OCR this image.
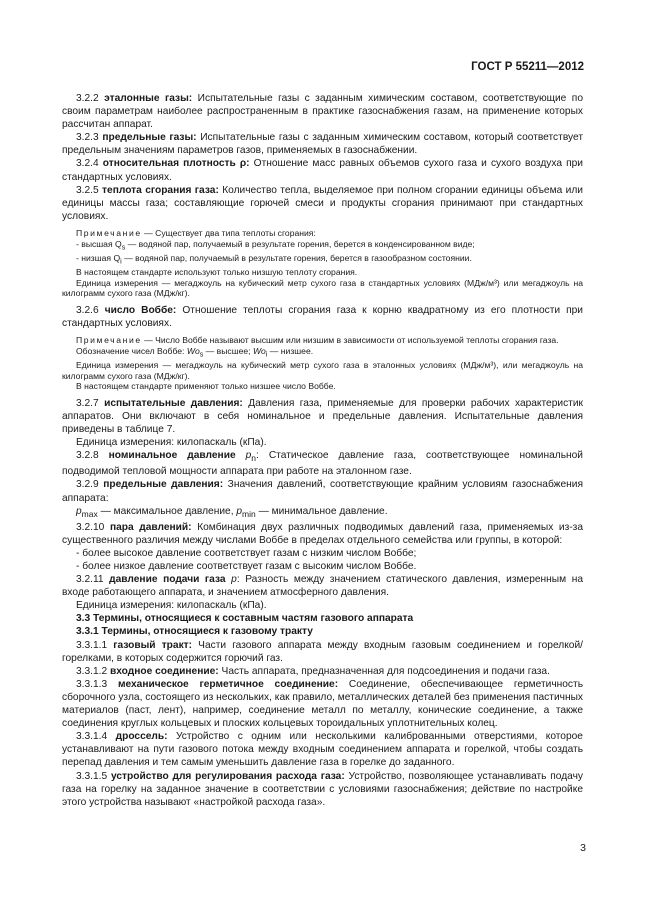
ГОСТ Р 55211—2012

3.2.2 эталонные газы: Испытательные газы с заданным химическим составом, соответствующие по своим параметрам наиболее распространенным в практике газоснабжения газам, на применение которых рассчитан аппарат.

3.2.3 предельные газы: Испытательные газы с заданным химическим составом, который соответствует предельным значениям параметров газов, применяемых в газоснабжении.

3.2.4 относительная плотность ρ: Отношение масс равных объемов сухого газа и сухого воздуха при стандартных условиях.

3.2.5 теплота сгорания газа: Количество тепла, выделяемое при полном сгорании единицы объема или единицы массы газа; составляющие горючей смеси и продукты сгорания принимают при стандартных условиях.

Примечание — Существует два типа теплоты сгорания:

- высшая $Q_s$ — водяной пар, получаемый в результате горения, берется в конденсированном виде;

- низшая $Q_i$ — водяной пар, получаемый в результате горения, берется в газообразном состоянии.

В настоящем стандарте используют только низшую теплоту сгорания.

Единица измерения — мегаджоуль на кубический метр сухого газа в стандартных условиях (МДж/м³) или мегаджоуль на килограмм сухого газа (МДж/кг).

3.2.6 число Воббе: Отношение теплоты сгорания газа к корню квадратному из его плотности при стандартных условиях.

Примечание — Число Воббе называют высшим или низшим в зависимости от используемой теплоты сгорания газа.

Обозначение чисел Воббе: $Wo_s$ — высшее; $Wo_i$ — низшее.

Единица измерения — мегаджоуль на кубический метр сухого газа в эталонных условиях (МДж/м³), или мегаджоуль на килограмм сухого газа (МДж/кг).

В настоящем стандарте применяют только низшее число Воббе.

3.2.7 испытательные давления: Давления газа, применяемые для проверки рабочих характеристик аппаратов. Они включают в себя номинальное и предельные давления. Испытательные давления приведены в таблице 7.

Единица измерения: килопаскаль (кПа).

3.2.8 номинальное давление $p_n$: Статическое давление газа, соответствующее номинальной подводимой тепловой мощности аппарата при работе на эталонном газе.

3.2.9 предельные давления: Значения давлений, соответствующие крайним условиям газоснабжения аппарата:

$p_{max}$ — максимальное давление, $p_{min}$ — минимальное давление.

3.2.10 пара давлений: Комбинация двух различных подводимых давлений газа, применяемых из-за существенного различия между числами Воббе в пределах отдельного семейства или группы, в которой:

- более высокое давление соответствует газам с низким числом Воббе;

- более низкое давление соответствует газам с высоким числом Воббе.

3.2.11 давление подачи газа p: Разность между значением статического давления, измеренным на входе работающего аппарата, и значением атмосферного давления.

Единица измерения: килопаскаль (кПа).

3.3 Термины, относящиеся к составным частям газового аппарата

3.3.1 Термины, относящиеся к газовому тракту

3.3.1.1 газовый тракт: Части газового аппарата между входным газовым соединением и горелкой/горелками, в которых содержится горючий газ.

3.3.1.2 входное соединение: Часть аппарата, предназначенная для подсоединения и подачи газа.

3.3.1.3 механическое герметичное соединение: Соединение, обеспечивающее герметичность сборочного узла, состоящего из нескольких, как правило, металлических деталей без применения пастичных материалов (паст, лент), например, соединение металл по металлу, конические соединение, а также соединения круглых кольцевых и плоских кольцевых тороидальных уплотнительных колец.

3.3.1.4 дроссель: Устройство с одним или несколькими калиброванными отверстиями, которое устанавливают на пути газового потока между входным соединением аппарата и горелкой, чтобы создать перепад давления и тем самым уменьшить давление газа в горелке до заданного.

3.3.1.5 устройство для регулирования расхода газа: Устройство, позволяющее устанавливать подачу газа на горелку на заданное значение в соответствии с условиями газоснабжения; действие по настройке этого устройства называют «настройкой расхода газа».

3
